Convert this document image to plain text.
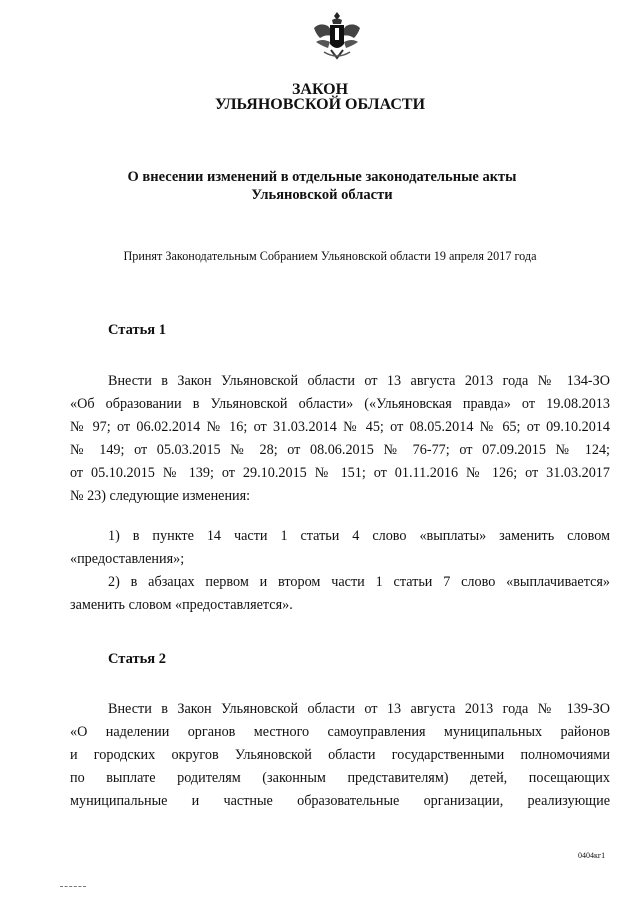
ЗАКОН
УЛЬЯНОВСКОЙ ОБЛАСТИ
О внесении изменений в отдельные законодательные акты
Ульяновской области
Принят Законодательным Собранием Ульяновской области 19 апреля 2017 года
Статья 1
Внести в Закон Ульяновской области от 13 августа 2013 года № 134-ЗО
«Об образовании в Ульяновской области» («Ульяновская правда» от 19.08.2013
№ 97; от 06.02.2014 № 16; от 31.03.2014 № 45; от 08.05.2014 № 65; от 09.10.2014
№ 149; от 05.03.2015 № 28; от 08.06.2015 № 76-77; от 07.09.2015 № 124;
от 05.10.2015 № 139; от 29.10.2015 № 151; от 01.11.2016 № 126; от 31.03.2017
№ 23) следующие изменения:
1) в пункте 14 части 1 статьи 4 слово «выплаты» заменить словом
«предоставления»;
2) в абзацах первом и втором части 1 статьи 7 слово «выплачивается»
заменить словом «предоставляется».
Статья 2
Внести в Закон Ульяновской области от 13 августа 2013 года № 139-ЗО
«О наделении органов местного самоуправления муниципальных районов
и городских округов Ульяновской области государственными полномочиями
по выплате родителям (законным представителям) детей, посещающих
муниципальные и частные образовательные организации, реализующие
0404кг1
